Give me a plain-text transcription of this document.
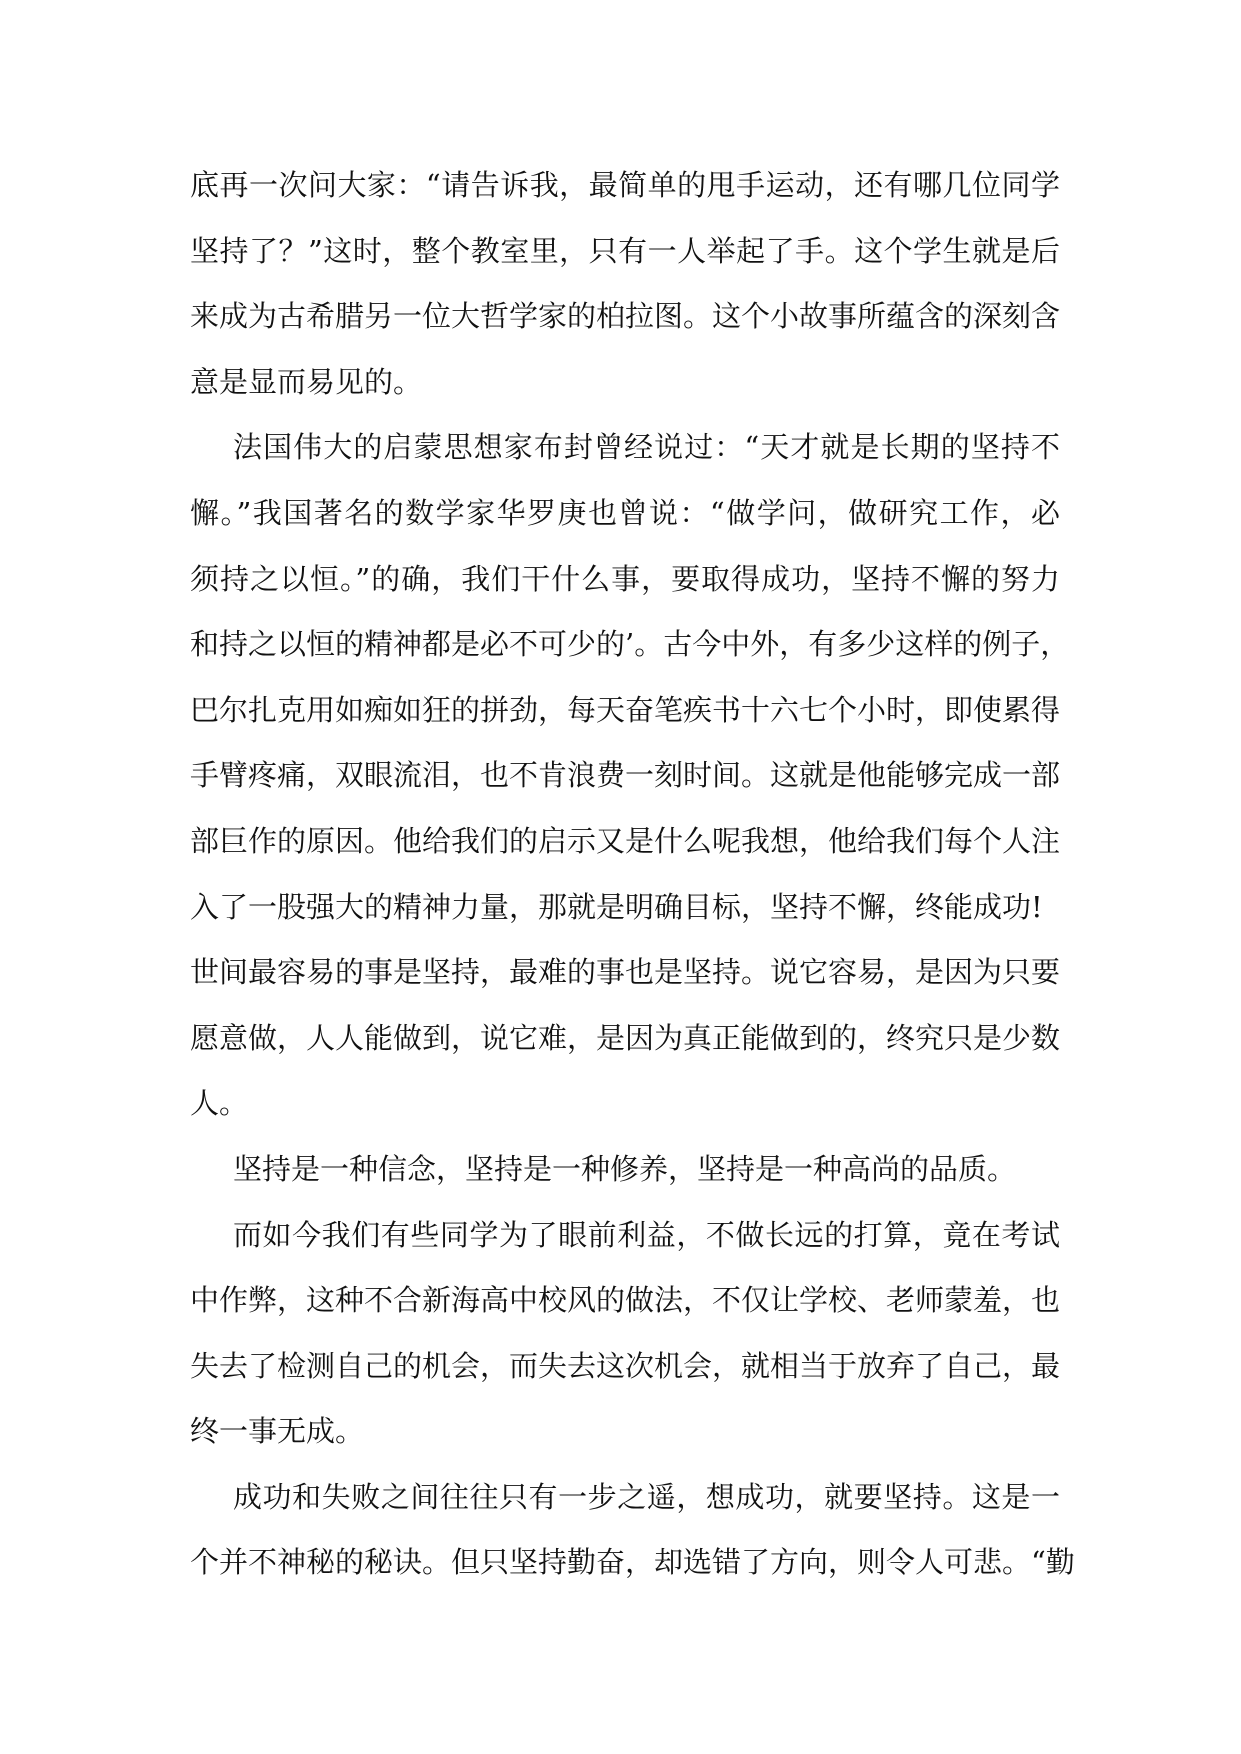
底再一次问大家：“请告诉我，最简单的甩手运动，还有哪几位同学
坚持了？”这时，整个教室里，只有一人举起了手。这个学生就是后
来成为古希腊另一位大哲学家的柏拉图。这个小故事所蕴含的深刻含
意是显而易见的。
法国伟大的启蒙思想家布封曾经说过：“天才就是长期的坚持不
懈。”我国著名的数学家华罗庚也曾说：“做学问，做研究工作，必
须持之以恒。”的确，我们干什么事，要取得成功，坚持不懈的努力
和持之以恒的精神都是必不可少的’。古今中外，有多少这样的例子，
巴尔扎克用如痴如狂的拼劲，每天奋笔疾书十六七个小时，即使累得
手臂疼痛，双眼流泪，也不肯浪费一刻时间。这就是他能够完成一部
部巨作的原因。他给我们的启示又是什么呢我想，他给我们每个人注
入了一股强大的精神力量，那就是明确目标，坚持不懈，终能成功!
世间最容易的事是坚持，最难的事也是坚持。说它容易，是因为只要
愿意做，人人能做到，说它难，是因为真正能做到的，终究只是少数
人。
坚持是一种信念，坚持是一种修养，坚持是一种高尚的品质。
而如今我们有些同学为了眼前利益，不做长远的打算，竟在考试
中作弊，这种不合新海高中校风的做法，不仅让学校、老师蒙羞，也
失去了检测自己的机会，而失去这次机会，就相当于放弃了自己，最
终一事无成。
成功和失败之间往往只有一步之遥，想成功，就要坚持。这是一
个并不神秘的秘诀。但只坚持勤奋，却选错了方向，则令人可悲。“勤
